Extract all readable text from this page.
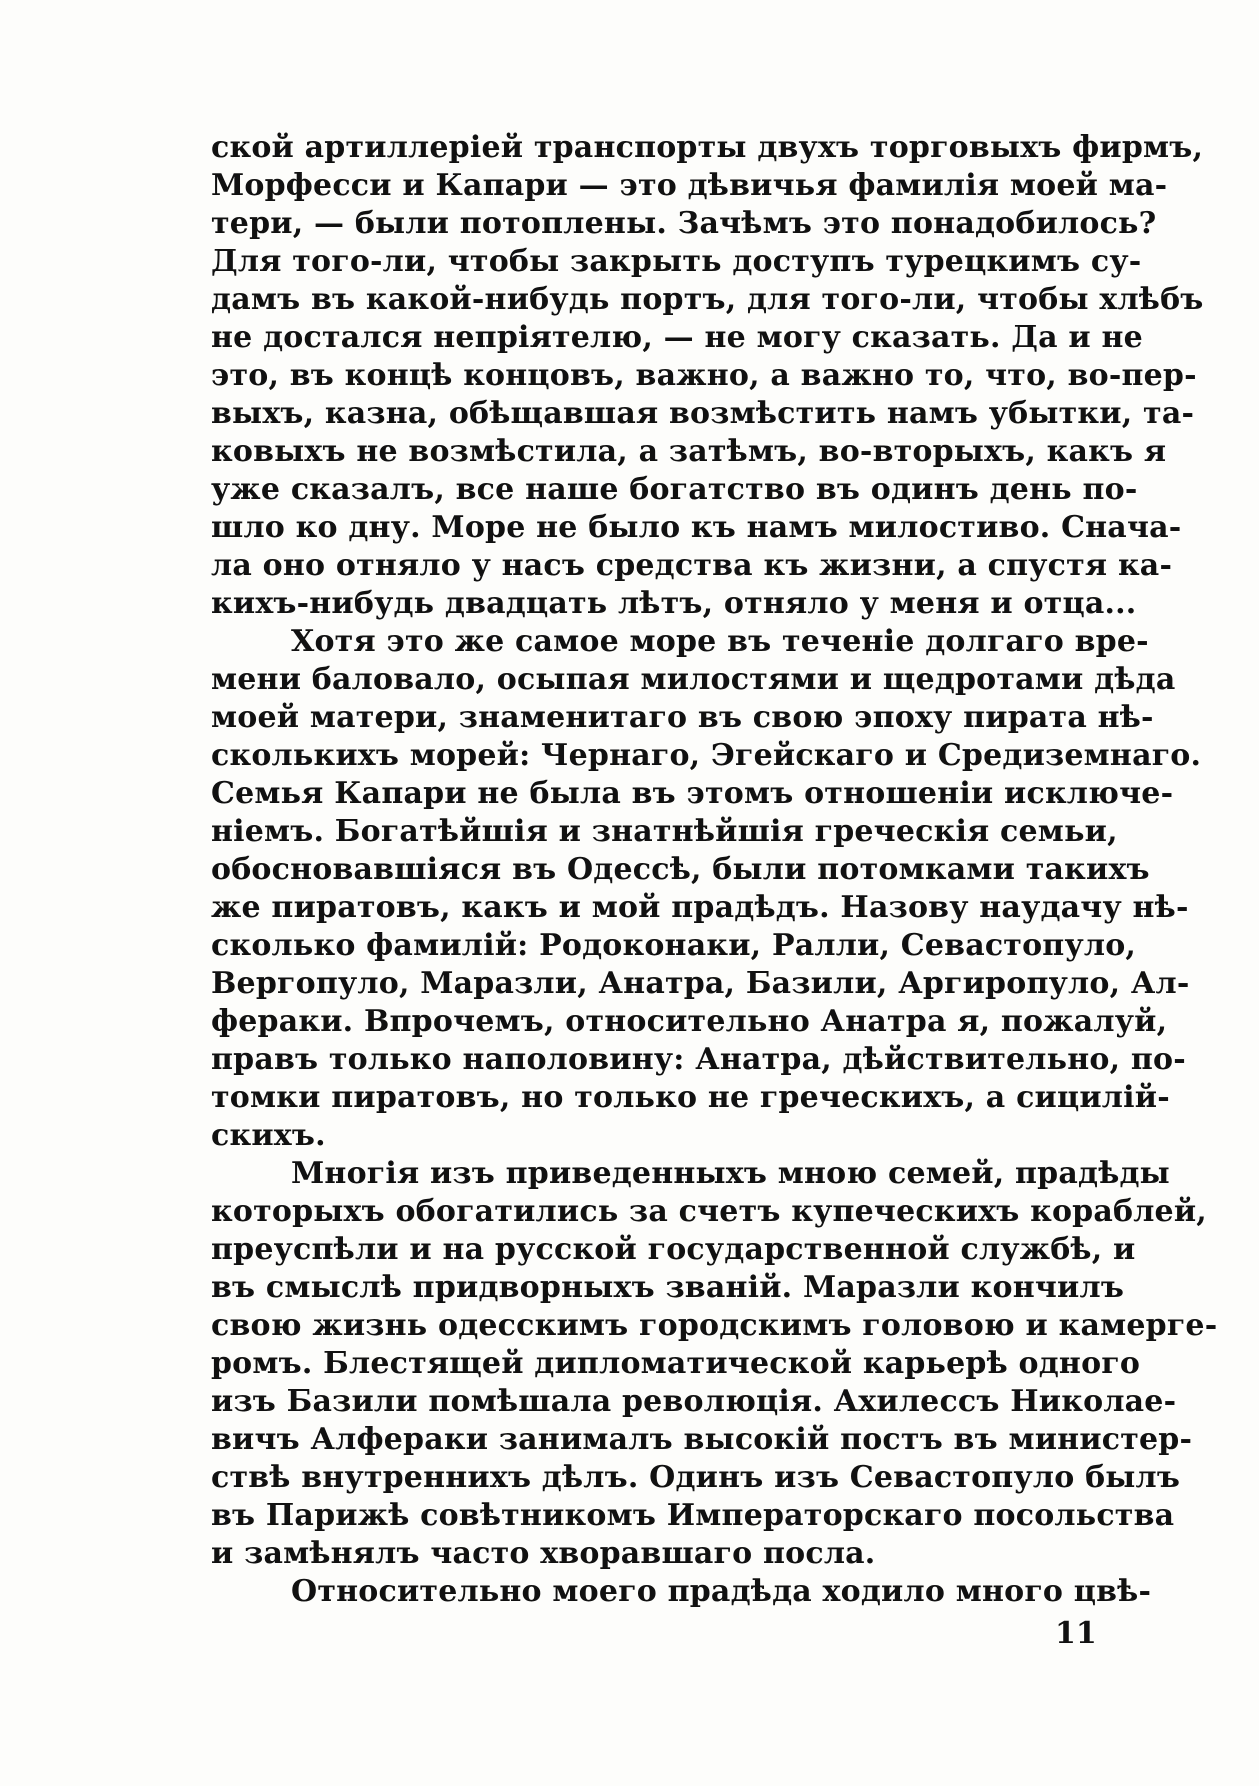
ской артиллеріей транспорты двухъ торговыхъ фирмъ,
Морфесси и Капари — это дѣвичья фамилія моей ма-
тери, — были потоплены. Зачѣмъ это понадобилось?
Для того-ли, чтобы закрыть доступъ турецкимъ су-
дамъ въ какой-нибудь портъ, для того-ли, чтобы хлѣбъ
не достался непріятелю, — не могу сказать. Да и не
это, въ концѣ концовъ, важно, а важно то, что, во-пер-
выхъ, казна, обѣщавшая возмѣстить намъ убытки, та-
ковыхъ не возмѣстила, а затѣмъ, во-вторыхъ, какъ я
уже сказалъ, все наше богатство въ одинъ день по-
шло ко дну. Море не было къ намъ милостиво. Снача-
ла оно отняло у насъ средства къ жизни, а спустя ка-
кихъ-нибудь двадцать лѣтъ, отняло у меня и отца...
Хотя это же самое море въ теченіе долгаго вре-
мени баловало, осыпая милостями и щедротами дѣда
моей матери, знаменитаго въ свою эпоху пирата нѣ-
сколькихъ морей: Чернаго, Эгейскаго и Средиземнаго.
Семья Капари не была въ этомъ отношеніи исключе-
ніемъ. Богатѣйшія и знатнѣйшія греческія семьи,
обосновавшіяся въ Одессѣ, были потомками такихъ
же пиратовъ, какъ и мой прадѣдъ. Назову наудачу нѣ-
сколько фамилій: Родоконаки, Ралли, Севастопуло,
Вергопуло, Маразли, Анатра, Базили, Аргиропуло, Ал-
фераки. Впрочемъ, относительно Анатра я, пожалуй,
правъ только наполовину: Анатра, дѣйствительно, по-
томки пиратовъ, но только не греческихъ, а сицилій-
скихъ.
Многія изъ приведенныхъ мною семей, прадѣды
которыхъ обогатились за счетъ купеческихъ кораблей,
преуспѣли и на русской государственной службѣ, и
въ смыслѣ придворныхъ званій. Маразли кончилъ
свою жизнь одесскимъ городскимъ головою и камерге-
ромъ. Блестящей дипломатической карьерѣ одного
изъ Базили помѣшала революція. Ахилессъ Николае-
вичъ Алфераки занималъ высокій постъ въ министер-
ствѣ внутреннихъ дѣлъ. Одинъ изъ Севастопуло былъ
въ Парижѣ совѣтникомъ Императорскаго посольства
и замѣнялъ часто хворавшаго посла.
Относительно моего прадѣда ходило много цвѣ-
11
